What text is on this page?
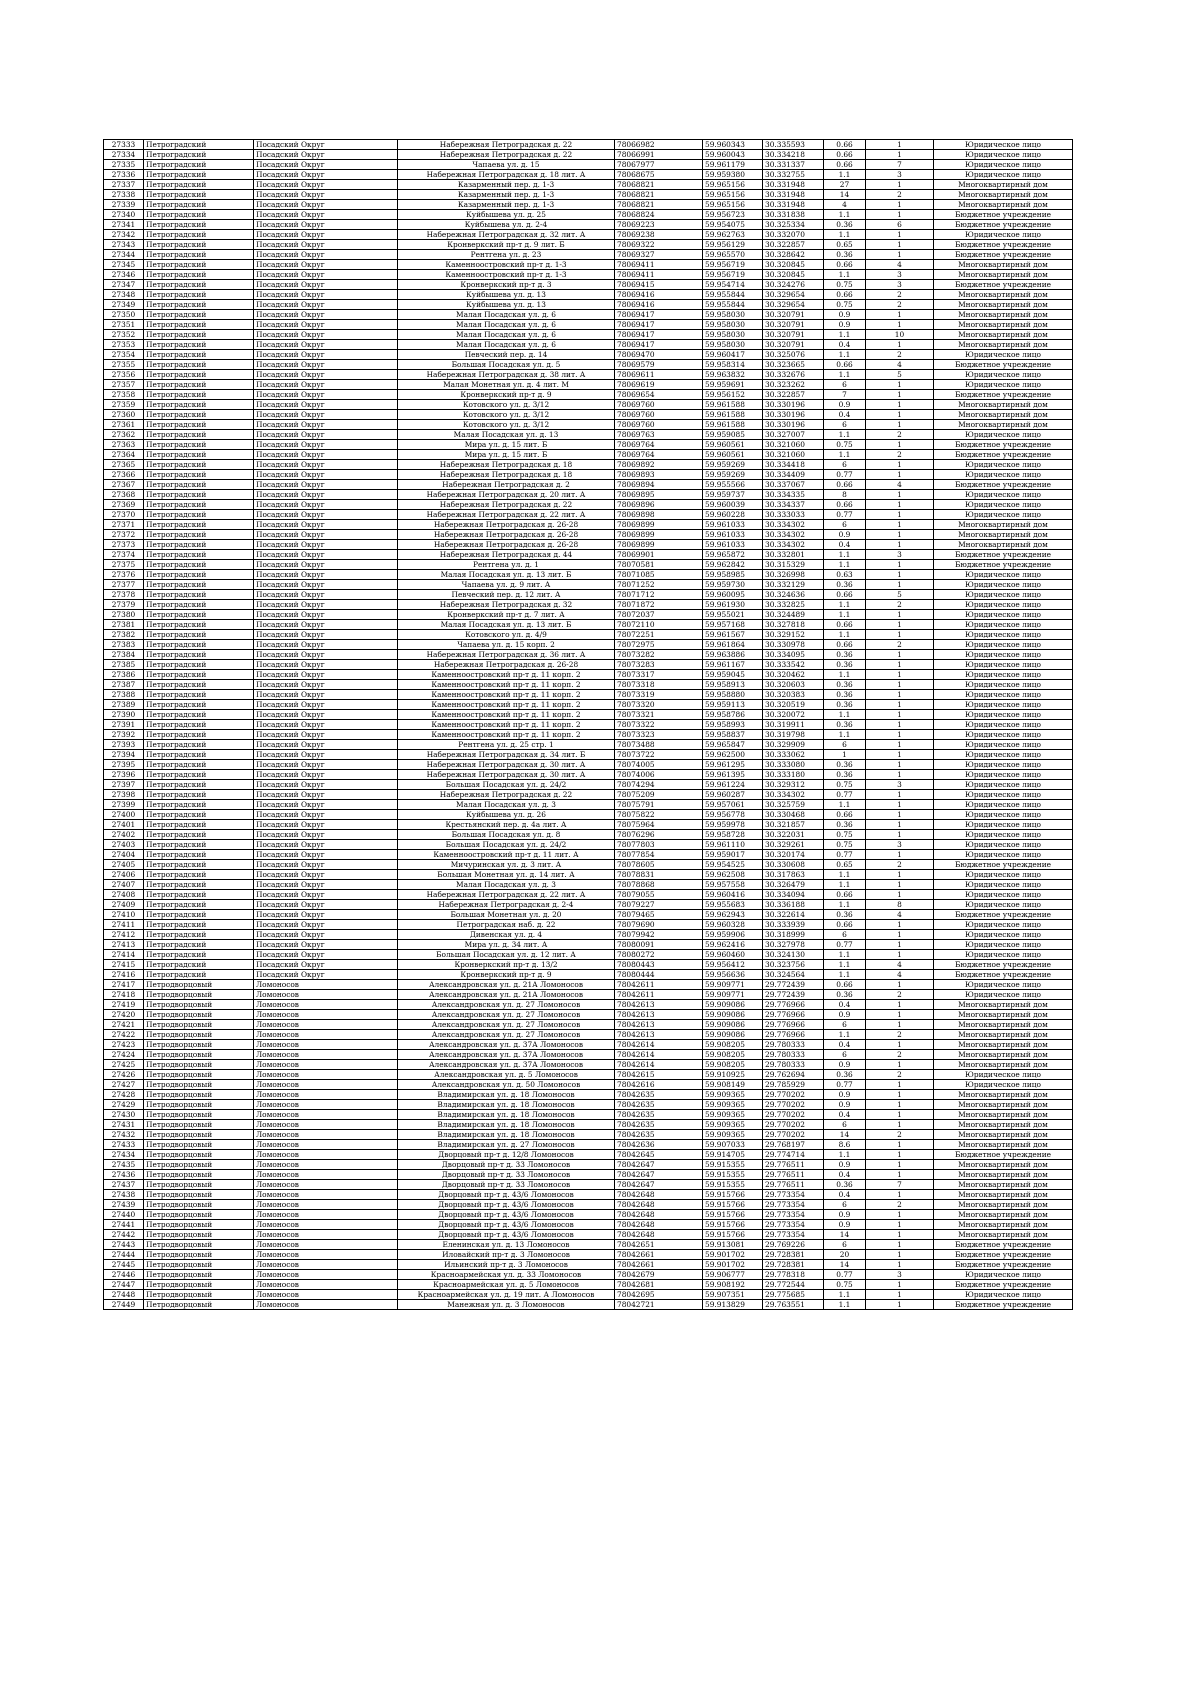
27333	Петроградский	Посадский Округ	Набережная Петроградская д. 22	78066982	59.960343	30.335593	0.66	1	Юридическое лицо
27334	Петроградский	Посадский Округ	Набережная Петроградская д. 22	78066991	59.960043	30.334218	0.66	1	Юридическое лицо
27335	Петроградский	Посадский Округ	Чапаева ул. д. 15	78067977	59.961179	30.331337	0.66	7	Юридическое лицо
27336	Петроградский	Посадский Округ	Набережная Петроградская д. 18 лит. А	78068675	59.959380	30.332755	1.1	3	Юридическое лицо
27337	Петроградский	Посадский Округ	Казарменный пер. д. 1-3	78068821	59.965156	30.331948	27	1	Многоквартирный дом
27338	Петроградский	Посадский Округ	Казарменный пер. д. 1-3	78068821	59.965156	30.331948	14	2	Многоквартирный дом
27339	Петроградский	Посадский Округ	Казарменный пер. д. 1-3	78068821	59.965156	30.331948	4	1	Многоквартирный дом
27340	Петроградский	Посадский Округ	Куйбышева ул. д. 25	78068824	59.956723	30.331838	1.1	1	Бюджетное учреждение
27341	Петроградский	Посадский Округ	Куйбышева ул. д. 2-4	78069223	59.954075	30.325334	0.36	6	Бюджетное учреждение
27342	Петроградский	Посадский Округ	Набережная Петроградская д. 32 лит. А	78069238	59.962763	30.332070	1.1	1	Юридическое лицо
27343	Петроградский	Посадский Округ	Кронверкский пр-т д. 9 лит. Б	78069322	59.956129	30.322857	0.65	1	Бюджетное учреждение
27344	Петроградский	Посадский Округ	Рентгена ул. д. 23	78069327	59.965570	30.328642	0.36	1	Бюджетное учреждение
27345	Петроградский	Посадский Округ	Каменноостровский пр-т д. 1-3	78069411	59.956719	30.320845	0.66	4	Многоквартирный дом
27346	Петроградский	Посадский Округ	Каменноостровский пр-т д. 1-3	78069411	59.956719	30.320845	1.1	3	Многоквартирный дом
27347	Петроградский	Посадский Округ	Кронверкский пр-т д. 3	78069415	59.954714	30.324276	0.75	3	Бюджетное учреждение
27348	Петроградский	Посадский Округ	Куйбышева ул. д. 13	78069416	59.955844	30.329654	0.66	2	Многоквартирный дом
27349	Петроградский	Посадский Округ	Куйбышева ул. д. 13	78069416	59.955844	30.329654	0.75	2	Многоквартирный дом
27350	Петроградский	Посадский Округ	Малая Посадская ул. д. 6	78069417	59.958030	30.320791	0.9	1	Многоквартирный дом
27351	Петроградский	Посадский Округ	Малая Посадская ул. д. 6	78069417	59.958030	30.320791	0.9	1	Многоквартирный дом
27352	Петроградский	Посадский Округ	Малая Посадская ул. д. 6	78069417	59.958030	30.320791	1.1	10	Многоквартирный дом
27353	Петроградский	Посадский Округ	Малая Посадская ул. д. 6	78069417	59.958030	30.320791	0.4	1	Многоквартирный дом
27354	Петроградский	Посадский Округ	Певческий пер. д. 14	78069470	59.960417	30.325076	1.1	2	Юридическое лицо
27355	Петроградский	Посадский Округ	Большая Посадская ул. д. 5	78069579	59.958314	30.323665	0.66	4	Бюджетное учреждение
27356	Петроградский	Посадский Округ	Набережная Петроградская д. 38 лит. А	78069611	59.963832	30.332676	1.1	5	Юридическое лицо
27357	Петроградский	Посадский Округ	Малая Монетная ул. д. 4 лит. М	78069619	59.959691	30.323262	6	1	Юридическое лицо
27358	Петроградский	Посадский Округ	Кронверкский пр-т д. 9	78069654	59.956152	30.322857	7	1	Бюджетное учреждение
27359	Петроградский	Посадский Округ	Котовского ул. д. 3/12	78069760	59.961588	30.330196	0.9	1	Многоквартирный дом
27360	Петроградский	Посадский Округ	Котовского ул. д. 3/12	78069760	59.961588	30.330196	0.4	1	Многоквартирный дом
27361	Петроградский	Посадский Округ	Котовского ул. д. 3/12	78069760	59.961588	30.330196	6	1	Многоквартирный дом
27362	Петроградский	Посадский Округ	Малая Посадская ул. д. 13	78069763	59.959085	30.327007	1.1	2	Юридическое лицо
27363	Петроградский	Посадский Округ	Мира ул. д. 15 лит. Б	78069764	59.960561	30.321060	0.75	1	Бюджетное учреждение
27364	Петроградский	Посадский Округ	Мира ул. д. 15 лит. Б	78069764	59.960561	30.321060	1.1	2	Бюджетное учреждение
27365	Петроградский	Посадский Округ	Набережная Петроградская д. 18	78069892	59.959269	30.334418	6	1	Юридическое лицо
27366	Петроградский	Посадский Округ	Набережная Петроградская д. 18	78069893	59.959269	30.334409	0.77	1	Юридическое лицо
27367	Петроградский	Посадский Округ	Набережная Петроградская д. 2	78069894	59.955566	30.337067	0.66	4	Бюджетное учреждение
27368	Петроградский	Посадский Округ	Набережная Петроградская д. 20 лит. А	78069895	59.959737	30.334335	8	1	Юридическое лицо
27369	Петроградский	Посадский Округ	Набережная Петроградская д. 22	78069896	59.960039	30.334337	0.66	1	Юридическое лицо
27370	Петроградский	Посадский Округ	Набережная Петроградская д. 22 лит. А	78069898	59.960228	30.333033	0.77	1	Юридическое лицо
27371	Петроградский	Посадский Округ	Набережная Петроградская д. 26-28	78069899	59.961033	30.334302	6	1	Многоквартирный дом
27372	Петроградский	Посадский Округ	Набережная Петроградская д. 26-28	78069899	59.961033	30.334302	0.9	1	Многоквартирный дом
27373	Петроградский	Посадский Округ	Набережная Петроградская д. 26-28	78069899	59.961033	30.334302	0.4	1	Многоквартирный дом
27374	Петроградский	Посадский Округ	Набережная Петроградская д. 44	78069901	59.965872	30.332801	1.1	3	Бюджетное учреждение
27375	Петроградский	Посадский Округ	Рентгена ул. д. 1	78070581	59.962842	30.315329	1.1	1	Бюджетное учреждение
27376	Петроградский	Посадский Округ	Малая Посадская ул. д. 13 лит. Б	78071085	59.958985	30.326998	0.63	1	Юридическое лицо
27377	Петроградский	Посадский Округ	Чапаева ул. д. 9 лит. А	78071252	59.959730	30.332129	0.36	1	Юридическое лицо
27378	Петроградский	Посадский Округ	Певческий пер. д. 12 лит. А	78071712	59.960095	30.324636	0.66	5	Юридическое лицо
27379	Петроградский	Посадский Округ	Набережная Петроградская д. 32	78071872	59.961930	30.332825	1.1	2	Юридическое лицо
27380	Петроградский	Посадский Округ	Кронверкский пр-т д. 7 лит. А	78072037	59.955021	30.324489	1.1	1	Юридическое лицо
27381	Петроградский	Посадский Округ	Малая Посадская ул. д. 13 лит. Б	78072110	59.957168	30.327818	0.66	1	Юридическое лицо
27382	Петроградский	Посадский Округ	Котовского ул. д. 4/9	78072251	59.961567	30.329152	1.1	1	Юридическое лицо
27383	Петроградский	Посадский Округ	Чапаева ул. д. 15 корп. 2	78072975	59.961864	30.330978	0.66	2	Юридическое лицо
27384	Петроградский	Посадский Округ	Набережная Петроградская д. 36 лит. А	78073282	59.963886	30.334095	0.36	1	Юридическое лицо
27385	Петроградский	Посадский Округ	Набережная Петроградская д. 26-28	78073283	59.961167	30.333542	0.36	1	Юридическое лицо
27386	Петроградский	Посадский Округ	Каменноостровский пр-т д. 11 корп. 2	78073317	59.959045	30.320462	1.1	1	Юридическое лицо
27387	Петроградский	Посадский Округ	Каменноостровский пр-т д. 11 корп. 2	78073318	59.958913	30.320603	0.36	1	Юридическое лицо
27388	Петроградский	Посадский Округ	Каменноостровский пр-т д. 11 корп. 2	78073319	59.958880	30.320383	0.36	1	Юридическое лицо
27389	Петроградский	Посадский Округ	Каменноостровский пр-т д. 11 корп. 2	78073320	59.959113	30.320519	0.36	1	Юридическое лицо
27390	Петроградский	Посадский Округ	Каменноостровский пр-т д. 11 корп. 2	78073321	59.958786	30.320072	1.1	1	Юридическое лицо
27391	Петроградский	Посадский Округ	Каменноостровский пр-т д. 11 корп. 2	78073322	59.958993	30.319911	0.36	1	Юридическое лицо
27392	Петроградский	Посадский Округ	Каменноостровский пр-т д. 11 корп. 2	78073323	59.958837	30.319798	1.1	1	Юридическое лицо
27393	Петроградский	Посадский Округ	Рентгена ул. д. 25 стр. 1	78073488	59.965847	30.329909	6	1	Юридическое лицо
27394	Петроградский	Посадский Округ	Набережная Петроградская д. 34 лит. Б	78073722	59.962500	30.333062	1	1	Юридическое лицо
27395	Петроградский	Посадский Округ	Набережная Петроградская д. 30 лит. А	78074005	59.961295	30.333080	0.36	1	Юридическое лицо
27396	Петроградский	Посадский Округ	Набережная Петроградская д. 30 лит. А	78074006	59.961395	30.333180	0.36	1	Юридическое лицо
27397	Петроградский	Посадский Округ	Большая Посадская ул. д. 24/2	78074294	59.961224	30.329312	0.75	3	Юридическое лицо
27398	Петроградский	Посадский Округ	Набережная Петроградская д. 22	78075209	59.960287	30.334302	0.77	1	Юридическое лицо
27399	Петроградский	Посадский Округ	Малая Посадская ул. д. 3	78075791	59.957061	30.325759	1.1	1	Юридическое лицо
27400	Петроградский	Посадский Округ	Куйбышева ул. д. 26	78075822	59.956778	30.330468	0.66	1	Юридическое лицо
27401	Петроградский	Посадский Округ	Крестьянский пер. д. 4а лит. А	78075964	59.959978	30.321857	0.36	1	Юридическое лицо
27402	Петроградский	Посадский Округ	Большая Посадская ул. д. 8	78076296	59.958728	30.322031	0.75	1	Юридическое лицо
27403	Петроградский	Посадский Округ	Большая Посадская ул. д. 24/2	78077803	59.961110	30.329261	0.75	3	Юридическое лицо
27404	Петроградский	Посадский Округ	Каменноостровский пр-т д. 11 лит. А	78077854	59.959017	30.320174	0.77	1	Юридическое лицо
27405	Петроградский	Посадский Округ	Мичуринская ул. д. 3 лит. А	78078605	59.954525	30.330608	0.65	2	Бюджетное учреждение
27406	Петроградский	Посадский Округ	Большая Монетная ул. д. 14 лит. А	78078831	59.962508	30.317863	1.1	1	Юридическое лицо
27407	Петроградский	Посадский Округ	Малая Посадская ул. д. 3	78078868	59.957558	30.326479	1.1	1	Юридическое лицо
27408	Петроградский	Посадский Округ	Набережная Петроградская д. 22 лит. А	78079055	59.960416	30.334094	0.66	1	Юридическое лицо
27409	Петроградский	Посадский Округ	Набережная Петроградская д. 2-4	78079227	59.955683	30.336188	1.1	8	Юридическое лицо
27410	Петроградский	Посадский Округ	Большая Монетная ул. д. 20	78079465	59.962943	30.322614	0.36	4	Бюджетное учреждение
27411	Петроградский	Посадский Округ	Петроградская наб. д. 22	78079690	59.960328	30.333939	0.66	1	Юридическое лицо
27412	Петроградский	Посадский Округ	Дивенская ул. д. 4	78079942	59.959906	30.318999	6	1	Юридическое лицо
27413	Петроградский	Посадский Округ	Мира ул. д. 34 лит. А	78080091	59.962416	30.327978	0.77	1	Юридическое лицо
27414	Петроградский	Посадский Округ	Большая Посадская ул. д. 12 лит. А	78080272	59.960460	30.324130	1.1	1	Юридическое лицо
27415	Петроградский	Посадский Округ	Кронверкский пр-т д. 13/2	78080443	59.956412	30.323756	1.1	4	Бюджетное учреждение
27416	Петроградский	Посадский Округ	Кронверкский пр-т д. 9	78080444	59.956636	30.324564	1.1	4	Бюджетное учреждение
27417	Петродворцовый	Ломоносов	Александровская ул. д. 21А Ломоносов	78042611	59.909771	29.772439	0.66	1	Юридическое лицо
27418	Петродворцовый	Ломоносов	Александровская ул. д. 21А Ломоносов	78042611	59.909771	29.772439	0.36	2	Юридическое лицо
27419	Петродворцовый	Ломоносов	Александровская ул. д. 27 Ломоносов	78042613	59.909086	29.776966	0.4	1	Многоквартирный дом
27420	Петродворцовый	Ломоносов	Александровская ул. д. 27 Ломоносов	78042613	59.909086	29.776966	0.9	1	Многоквартирный дом
27421	Петродворцовый	Ломоносов	Александровская ул. д. 27 Ломоносов	78042613	59.909086	29.776966	6	1	Многоквартирный дом
27422	Петродворцовый	Ломоносов	Александровская ул. д. 27 Ломоносов	78042613	59.909086	29.776966	1.1	2	Многоквартирный дом
27423	Петродворцовый	Ломоносов	Александровская ул. д. 37А Ломоносов	78042614	59.908205	29.780333	0.4	1	Многоквартирный дом
27424	Петродворцовый	Ломоносов	Александровская ул. д. 37А Ломоносов	78042614	59.908205	29.780333	6	2	Многоквартирный дом
27425	Петродворцовый	Ломоносов	Александровская ул. д. 37А Ломоносов	78042614	59.908205	29.780333	0.9	1	Многоквартирный дом
27426	Петродворцовый	Ломоносов	Александровская ул. д. 5 Ломоносов	78042615	59.910925	29.762694	0.36	2	Юридическое лицо
27427	Петродворцовый	Ломоносов	Александровская ул. д. 50 Ломоносов	78042616	59.908149	29.785929	0.77	1	Юридическое лицо
27428	Петродворцовый	Ломоносов	Владимирская ул. д. 18 Ломоносов	78042635	59.909365	29.770202	0.9	1	Многоквартирный дом
27429	Петродворцовый	Ломоносов	Владимирская ул. д. 18 Ломоносов	78042635	59.909365	29.770202	0.9	1	Многоквартирный дом
27430	Петродворцовый	Ломоносов	Владимирская ул. д. 18 Ломоносов	78042635	59.909365	29.770202	0.4	1	Многоквартирный дом
27431	Петродворцовый	Ломоносов	Владимирская ул. д. 18 Ломоносов	78042635	59.909365	29.770202	6	1	Многоквартирный дом
27432	Петродворцовый	Ломоносов	Владимирская ул. д. 18 Ломоносов	78042635	59.909365	29.770202	14	2	Многоквартирный дом
27433	Петродворцовый	Ломоносов	Владимирская ул. д. 27 Ломоносов	78042636	59.907033	29.768197	8.6	1	Многоквартирный дом
27434	Петродворцовый	Ломоносов	Дворцовый пр-т д. 12/8 Ломоносов	78042645	59.914705	29.774714	1.1	1	Бюджетное учреждение
27435	Петродворцовый	Ломоносов	Дворцовый пр-т д. 33 Ломоносов	78042647	59.915355	29.776511	0.9	1	Многоквартирный дом
27436	Петродворцовый	Ломоносов	Дворцовый пр-т д. 33 Ломоносов	78042647	59.915355	29.776511	0.4	1	Многоквартирный дом
27437	Петродворцовый	Ломоносов	Дворцовый пр-т д. 33 Ломоносов	78042647	59.915355	29.776511	0.36	7	Многоквартирный дом
27438	Петродворцовый	Ломоносов	Дворцовый пр-т д. 43/6 Ломоносов	78042648	59.915766	29.773354	0.4	1	Многоквартирный дом
27439	Петродворцовый	Ломоносов	Дворцовый пр-т д. 43/6 Ломоносов	78042648	59.915766	29.773354	6	2	Многоквартирный дом
27440	Петродворцовый	Ломоносов	Дворцовый пр-т д. 43/6 Ломоносов	78042648	59.915766	29.773354	0.9	1	Многоквартирный дом
27441	Петродворцовый	Ломоносов	Дворцовый пр-т д. 43/6 Ломоносов	78042648	59.915766	29.773354	0.9	1	Многоквартирный дом
27442	Петродворцовый	Ломоносов	Дворцовый пр-т д. 43/6 Ломоносов	78042648	59.915766	29.773354	14	1	Многоквартирный дом
27443	Петродворцовый	Ломоносов	Еленинская ул. д. 13 Ломоносов	78042651	59.913081	29.769226	6	1	Бюджетное учреждение
27444	Петродворцовый	Ломоносов	Иловайский пр-т д. 3 Ломоносов	78042661	59.901702	29.728381	20	1	Бюджетное учреждение
27445	Петродворцовый	Ломоносов	Ильинский пр-т д. 3 Ломоносов	78042661	59.901702	29.728381	14	1	Бюджетное учреждение
27446	Петродворцовый	Ломоносов	Красноармейская ул. д. 33 Ломоносов	78042679	59.906777	29.778318	0.77	3	Юридическое лицо
27447	Петродворцовый	Ломоносов	Красноармейская ул. д. 5 Ломоносов	78042681	59.908192	29.772544	0.75	1	Бюджетное учреждение
27448	Петродворцовый	Ломоносов	Красноармейская ул. д. 19 лит. А Ломоносов	78042695	59.907351	29.775685	1.1	1	Юридическое лицо
27449	Петродворцовый	Ломоносов	Манежная ул. д. 3 Ломоносов	78042721	59.913829	29.763551	1.1	1	Бюджетное учреждение
